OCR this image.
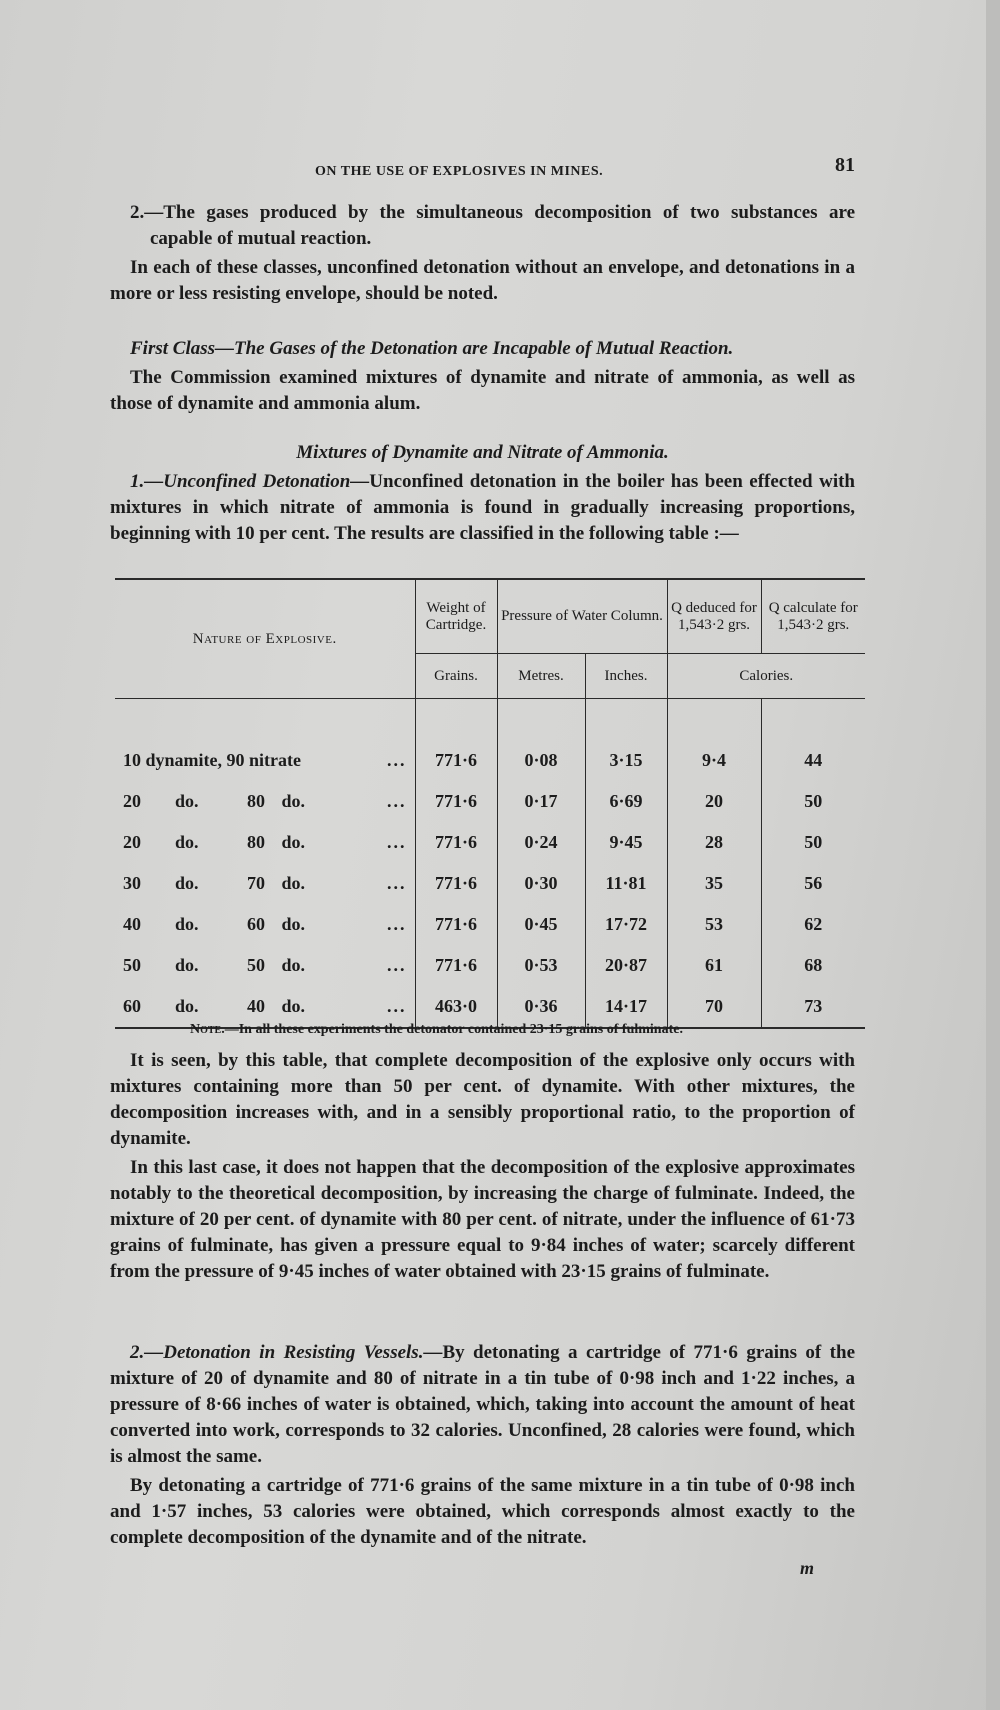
ON THE USE OF EXPLOSIVES IN MINES.	81

2.—The gases produced by the simultaneous decomposition of two substances are capable of mutual reaction.

In each of these classes, unconfined detonation without an envelope, and detonations in a more or less resisting envelope, should be noted.

First Class—The Gases of the Detonation are Incapable of Mutual Reaction.

The Commission examined mixtures of dynamite and nitrate of ammonia, as well as those of dynamite and ammonia alum.

Mixtures of Dynamite and Nitrate of Ammonia.

1.—Unconfined Detonation—Unconfined detonation in the boiler has been effected with mixtures in which nitrate of ammonia is found in gradually increasing proportions, beginning with 10 per cent. The results are classified in the following table :—

Nature of Explosive.	Weight of Cartridge.	Pressure of Water Column.		Q deduced for 1,543·2 grs.	Q calculate for 1,543·2 grs.
	Grains.	Metres.	Inches.	Calories.	

10 dynamite, 90 nitrate ...	771·6	0·08	3·15	9·4	44
20 do. 80 do. ...	771·6	0·17	6·69	20	50
20 do. 80 do. ...	771·6	0·24	9·45	28	50
30 do. 70 do. ...	771·6	0·30	11·81	35	56
40 do. 60 do. ...	771·6	0·45	17·72	53	62
50 do. 50 do. ...	771·6	0·53	20·87	61	68
60 do. 40 do. ...	463·0	0·36	14·17	70	73
Note.—In all these experiments the detonator contained 23·15 grains of fulminate.

It is seen, by this table, that complete decomposition of the explosive only occurs with mixtures containing more than 50 per cent. of dynamite. With other mixtures, the decomposition increases with, and in a sensibly proportional ratio, to the proportion of dynamite.

In this last case, it does not happen that the decomposition of the explosive approximates notably to the theoretical decomposition, by increasing the charge of fulminate. Indeed, the mixture of 20 per cent. of dynamite with 80 per cent. of nitrate, under the influence of 61·73 grains of fulminate, has given a pressure equal to 9·84 inches of water; scarcely different from the pressure of 9·45 inches of water obtained with 23·15 grains of fulminate.

2.—Detonation in Resisting Vessels.—By detonating a cartridge of 771·6 grains of the mixture of 20 of dynamite and 80 of nitrate in a tin tube of 0·98 inch and 1·22 inches, a pressure of 8·66 inches of water is obtained, which, taking into account the amount of heat converted into work, corresponds to 32 calories. Unconfined, 28 calories were found, which is almost the same.

By detonating a cartridge of 771·6 grains of the same mixture in a tin tube of 0·98 inch and 1·57 inches, 53 calories were obtained, which corresponds almost exactly to the complete decomposition of the dynamite and of the nitrate.

m
